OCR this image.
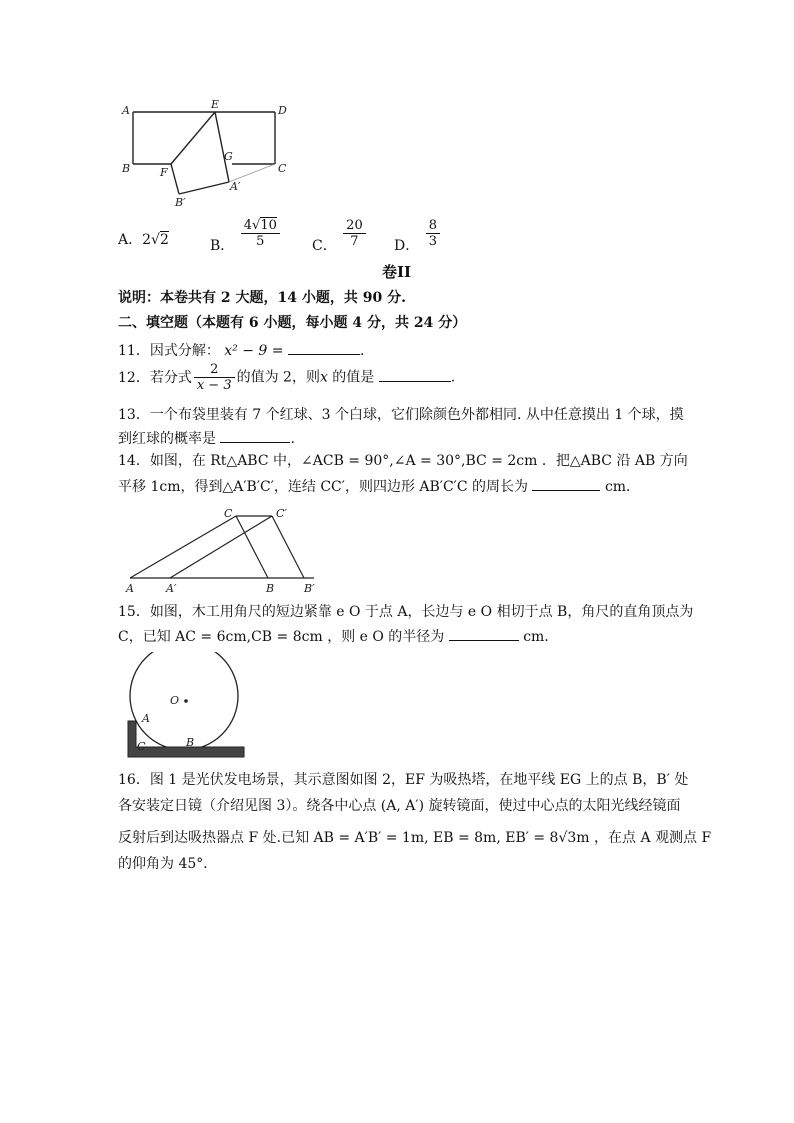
A	E	D
B	F
G
C
B′
A′
A．2√2	B． $\frac{4√10}{5}$ C． $\frac{20}{7}$ D． $\frac{8}{3}$
卷II
说明：本卷共有 2 大题，14 小题，共 90 分.
二、填空题（本题有 6 小题，每小题 4 分，共 24 分）
11．因式分解： x² − 9 =	.
12．若分式 $\frac{2}{x - 3}$ 的值为 2，则x 的值是	.
13．一个布袋里装有 7 个红球、3 个白球，它们除颜色外都相同. 从中任意摸出 1 个球，摸
到红球的概率是	.
14．如图，在 Rt△ABC 中，∠ACB = 90°,∠A = 30°,BC = 2cm ．把△ABC 沿 AB 方向
平移 1cm，得到△A′B′C′，连结 CC′，则四边形 AB′C′C 的周长为	cm．
C	C′
A	A′	B	B′
15．如图，木工用角尺的短边紧靠 e O 于点 A，长边与 e O 相切于点 B，角尺的直角顶点为
C，已知 AC = 6cm,CB = 8cm ，则 e O 的半径为	cm．
O
A
C	B
16．图 1 是光伏发电场景，其示意图如图 2，EF 为吸热塔，在地平线 EG 上的点 B，B′ 处
各安装定日镜（介绍见图 3）。绕各中心点 (A, A′) 旋转镜面，使过中心点的太阳光线经镜面
反射后到达吸热器点 F 处.已知 AB = A′B′ = 1m, EB = 8m, EB′ = 8√3m ，在点 A 观测点 F
的仰角为 45°．
